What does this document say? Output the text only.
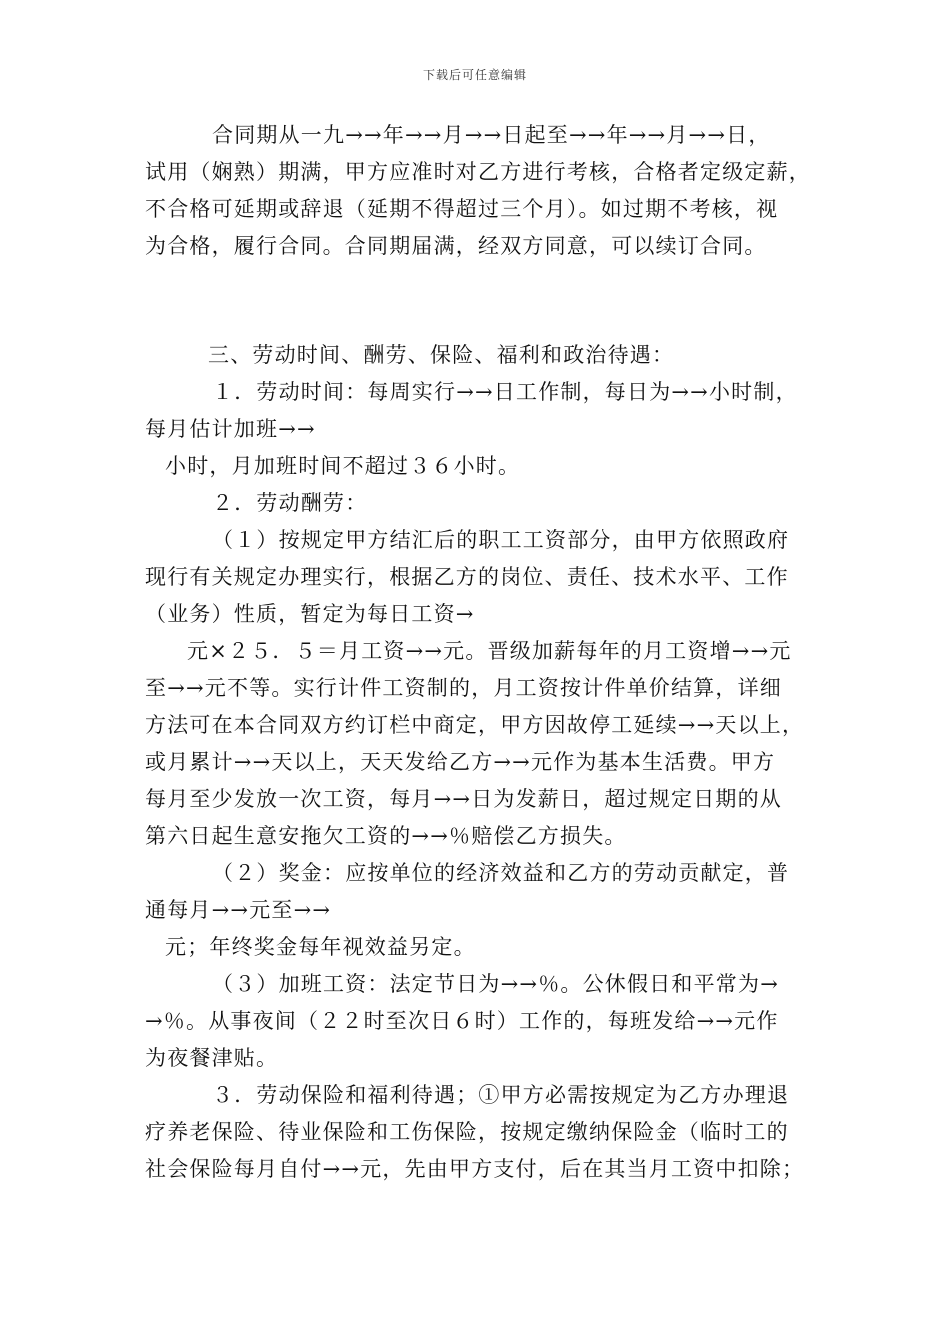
下载后可任意编辑
合同期从一九→→年→→月→→日起至→→年→→月→→日，
试用（娴熟）期满，甲方应准时对乙方进行考核，合格者定级定薪，
不合格可延期或辞退（延期不得超过三个月）。如过期不考核，视
为合格，履行合同。合同期届满，经双方同意，可以续订合同。
三、劳动时间、酬劳、保险、福利和政治待遇：
１．劳动时间：每周实行→→日工作制，每日为→→小时制，
每月估计加班→→
小时，月加班时间不超过３６小时。
２．劳动酬劳：
（１）按规定甲方结汇后的职工工资部分，由甲方依照政府
现行有关规定办理实行，根据乙方的岗位、责任、技术水平、工作
（业务）性质，暂定为每日工资→
元×２５．５＝月工资→→元。晋级加薪每年的月工资增→→元
至→→元不等。实行计件工资制的，月工资按计件单价结算，详细
方法可在本合同双方约订栏中商定，甲方因故停工延续→→天以上，
或月累计→→天以上，天天发给乙方→→元作为基本生活费。甲方
每月至少发放一次工资，每月→→日为发薪日，超过规定日期的从
第六日起生意安拖欠工资的→→％赔偿乙方损失。
（２）奖金：应按单位的经济效益和乙方的劳动贡献定，普
通每月→→元至→→
元；年终奖金每年视效益另定。
（３）加班工资：法定节日为→→％。公休假日和平常为→
→％。从事夜间（２２时至次日６时）工作的，每班发给→→元作
为夜餐津贴。
３．劳动保险和福利待遇；①甲方必需按规定为乙方办理退
疗养老保险、待业保险和工伤保险，按规定缴纳保险金（临时工的
社会保险每月自付→→元，先由甲方支付，后在其当月工资中扣除；
